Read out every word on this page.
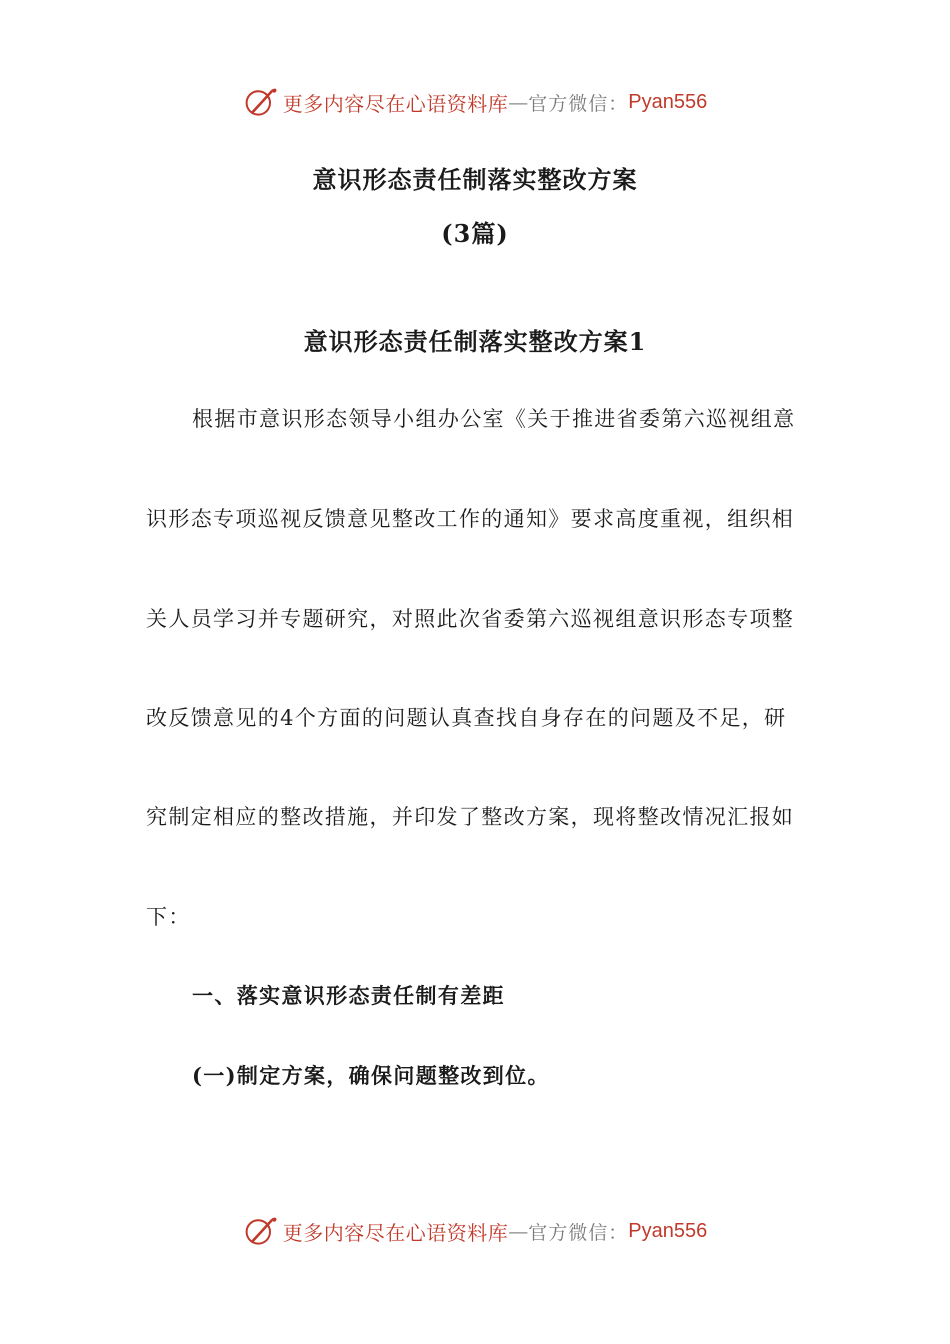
更多内容尽在心语资料库 — 官方微信： Pyan556
意识形态责任制落实整改方案
(3篇)
意识形态责任制落实整改方案1
根据市意识形态领导小组办公室《关于推进省委第六巡视组意
识形态专项巡视反馈意见整改工作的通知》要求高度重视，组织相
关人员学习并专题研究，对照此次省委第六巡视组意识形态专项整
改反馈意见的4个方面的问题认真查找自身存在的问题及不足，研
究制定相应的整改措施，并印发了整改方案，现将整改情况汇报如
下：
一、落实意识形态责任制有差距
(一)制定方案，确保问题整改到位。
更多内容尽在心语资料库 — 官方微信： Pyan556
